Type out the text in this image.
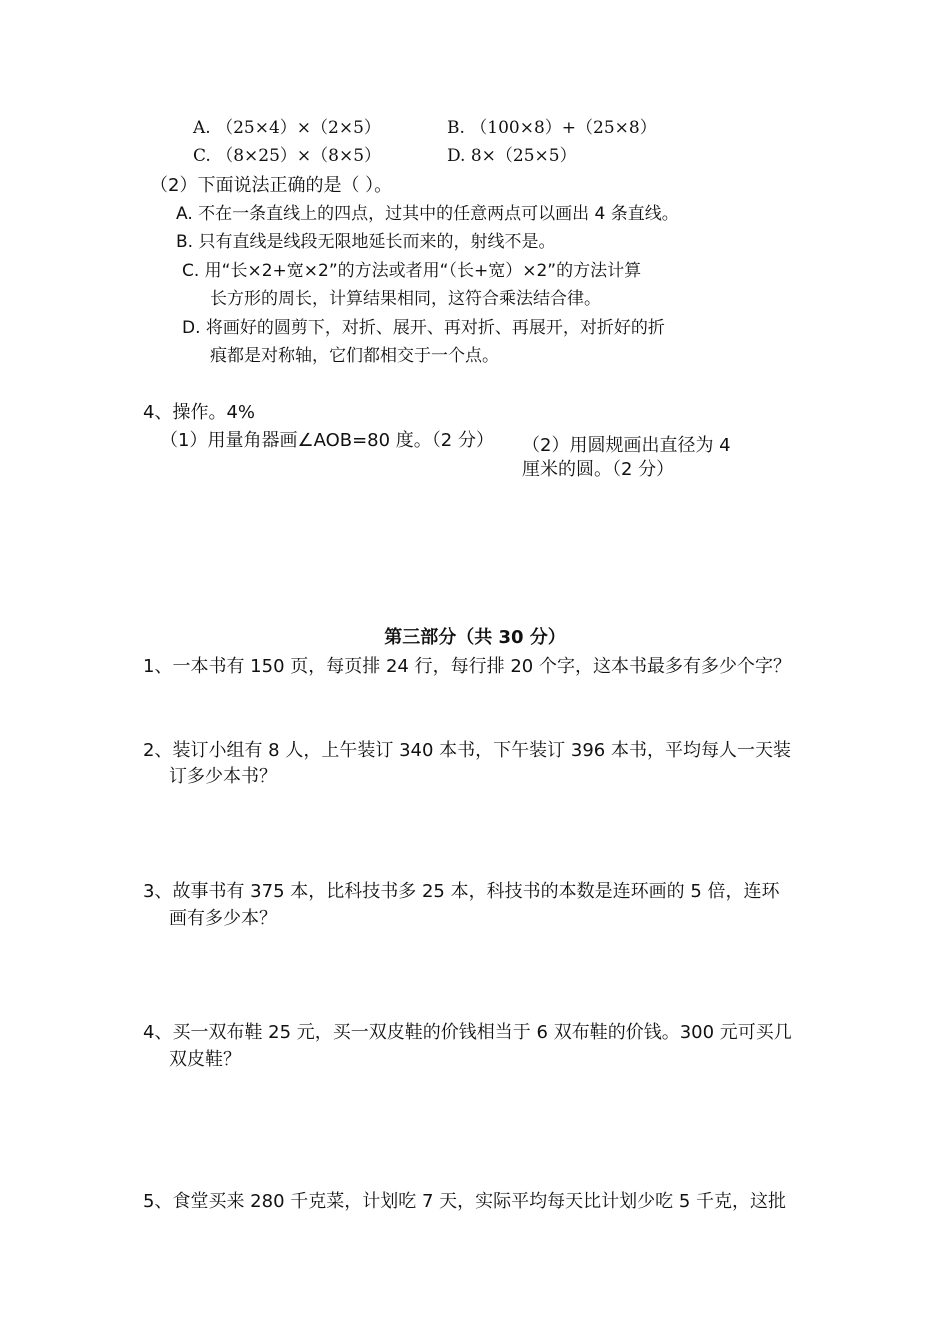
A. （25×4）×（2×5）	B. （100×8）+（25×8）
C. （8×25）×（8×5）	D. 8×（25×5）
（2）下面说法正确的是（ ）。
A. 不在一条直线上的四点，过其中的任意两点可以画出 4 条直线。
B. 只有直线是线段无限地延长而来的，射线不是。
C. 用“长×2+宽×2”的方法或者用“（长+宽）×2”的方法计算
长方形的周长，计算结果相同，这符合乘法结合律。
D. 将画好的圆剪下，对折、展开、再对折、再展开，对折好的折
痕都是对称轴，它们都相交于一个点。
4、操作。4%
（1）用量角器画∠AOB=80 度。（2 分） （2）用圆规画出直径为 4
厘米的圆。（2 分）
第三部分（共 30 分）
1、一本书有 150 页，每页排 24 行，每行排 20 个字，这本书最多有多少个字？
2、装订小组有 8 人，上午装订 340 本书，下午装订 396 本书，平均每人一天装
订多少本书？
3、故事书有 375 本，比科技书多 25 本，科技书的本数是连环画的 5 倍，连环
画有多少本？
4、买一双布鞋 25 元，买一双皮鞋的价钱相当于 6 双布鞋的价钱。300 元可买几
双皮鞋？
5、食堂买来 280 千克菜，计划吃 7 天，实际平均每天比计划少吃 5 千克，这批
